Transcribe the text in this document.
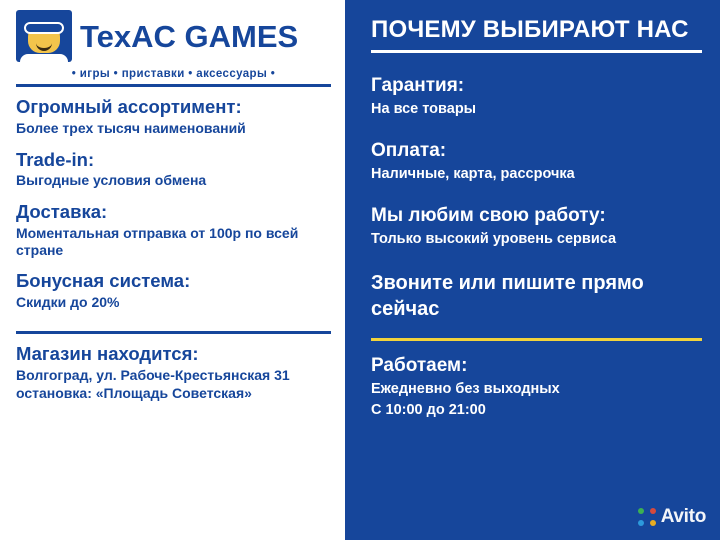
TexAC GAMES
• игры • приставки • аксессуары •
Огромный ассортимент:
Более трех тысяч наименований
Trade-in:
Выгодные условия обмена
Доставка:
Моментальная отправка от 100р по всей стране
Бонусная система:
Скидки до 20%
Магазин находится:
Волгоград, ул. Рабоче-Крестьянская 31
остановка: «Площадь Советская»
ПОЧЕМУ ВЫБИРАЮТ НАС
Гарантия:
На все товары
Оплата:
Наличные, карта, рассрочка
Мы любим свою работу:
Только высокий уровень сервиса
Звоните или пишите прямо сейчас
Работаем:
Ежедневно без выходных
С 10:00 до 21:00
Avito
